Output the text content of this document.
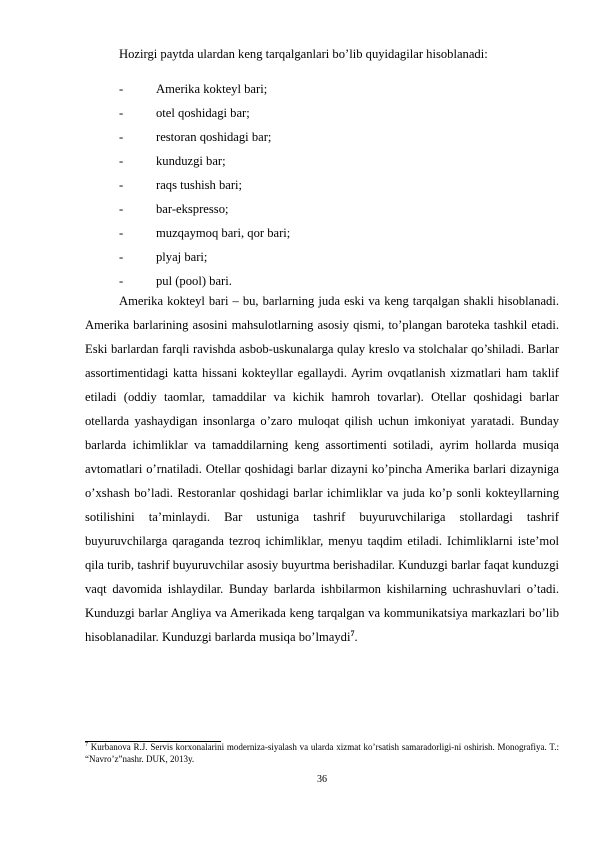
Hozirgi paytda ulardan keng tarqalganlari bo’lib quyidagilar hisoblanadi:
-	Amerika kokteyl bari;
-	otel qoshidagi bar;
-	restoran qoshidagi bar;
-	kunduzgi bar;
-	raqs tushish bari;
-	bar-ekspresso;
-	muzqaymoq bari, qor bari;
-	plyaj bari;
-	pul (pool) bari.

Amerika kokteyl bari – bu, barlarning juda eski va keng tarqalgan shakli hisoblanadi. Amerika barlarining asosini mahsulotlarning asosiy qismi, to’plangan baroteka tashkil etadi. Eski barlardan farqli ravishda asbob-uskunalarga qulay kreslo va stolchalar qo’shiladi. Barlar assortimentidagi katta hissani kokteyllar egallaydi. Ayrim ovqatlanish xizmatlari ham taklif etiladi (oddiy taomlar, tamaddilar va kichik hamroh tovarlar). Otellar qoshidagi barlar otellarda yashaydigan insonlarga o’zaro muloqat qilish uchun imkoniyat yaratadi. Bunday barlarda ichimliklar va tamaddilarning keng assortimenti sotiladi, ayrim hollarda musiqa avtomatlari o’rnatiladi. Otellar qoshidagi barlar dizayni ko’pincha Amerika barlari dizayniga o’xshash bo’ladi. Restoranlar qoshidagi barlar ichimliklar va juda ko’p sonli kokteyllarning sotilishini ta’minlaydi. Bar ustuniga tashrif buyuruvchilariga stollardagi tashrif buyuruvchilarga qaraganda tezroq ichimliklar, menyu taqdim etiladi. Ichimliklarni iste’mol qila turib, tashrif buyuruvchilar asosiy buyurtma berishadilar. Kunduzgi barlar faqat kunduzgi vaqt davomida ishlaydilar. Bunday barlarda ishbilarmon kishilarning uchrashuvlari o’tadi. Kunduzgi barlar Angliya va Amerikada keng tarqalgan va kommunikatsiya markazlari bo’lib hisoblanadilar. Kunduzgi barlarda musiqa bo’lmaydi$^7$.

$^7$ Kurbanova R.J. Servis korxonalarini moderniza-siyalash va ularda xizmat ko’rsatish samaradorligi-ni oshirish. Monografiya. T.: “Navro’z”nashr. DUK, 2013y.

36
